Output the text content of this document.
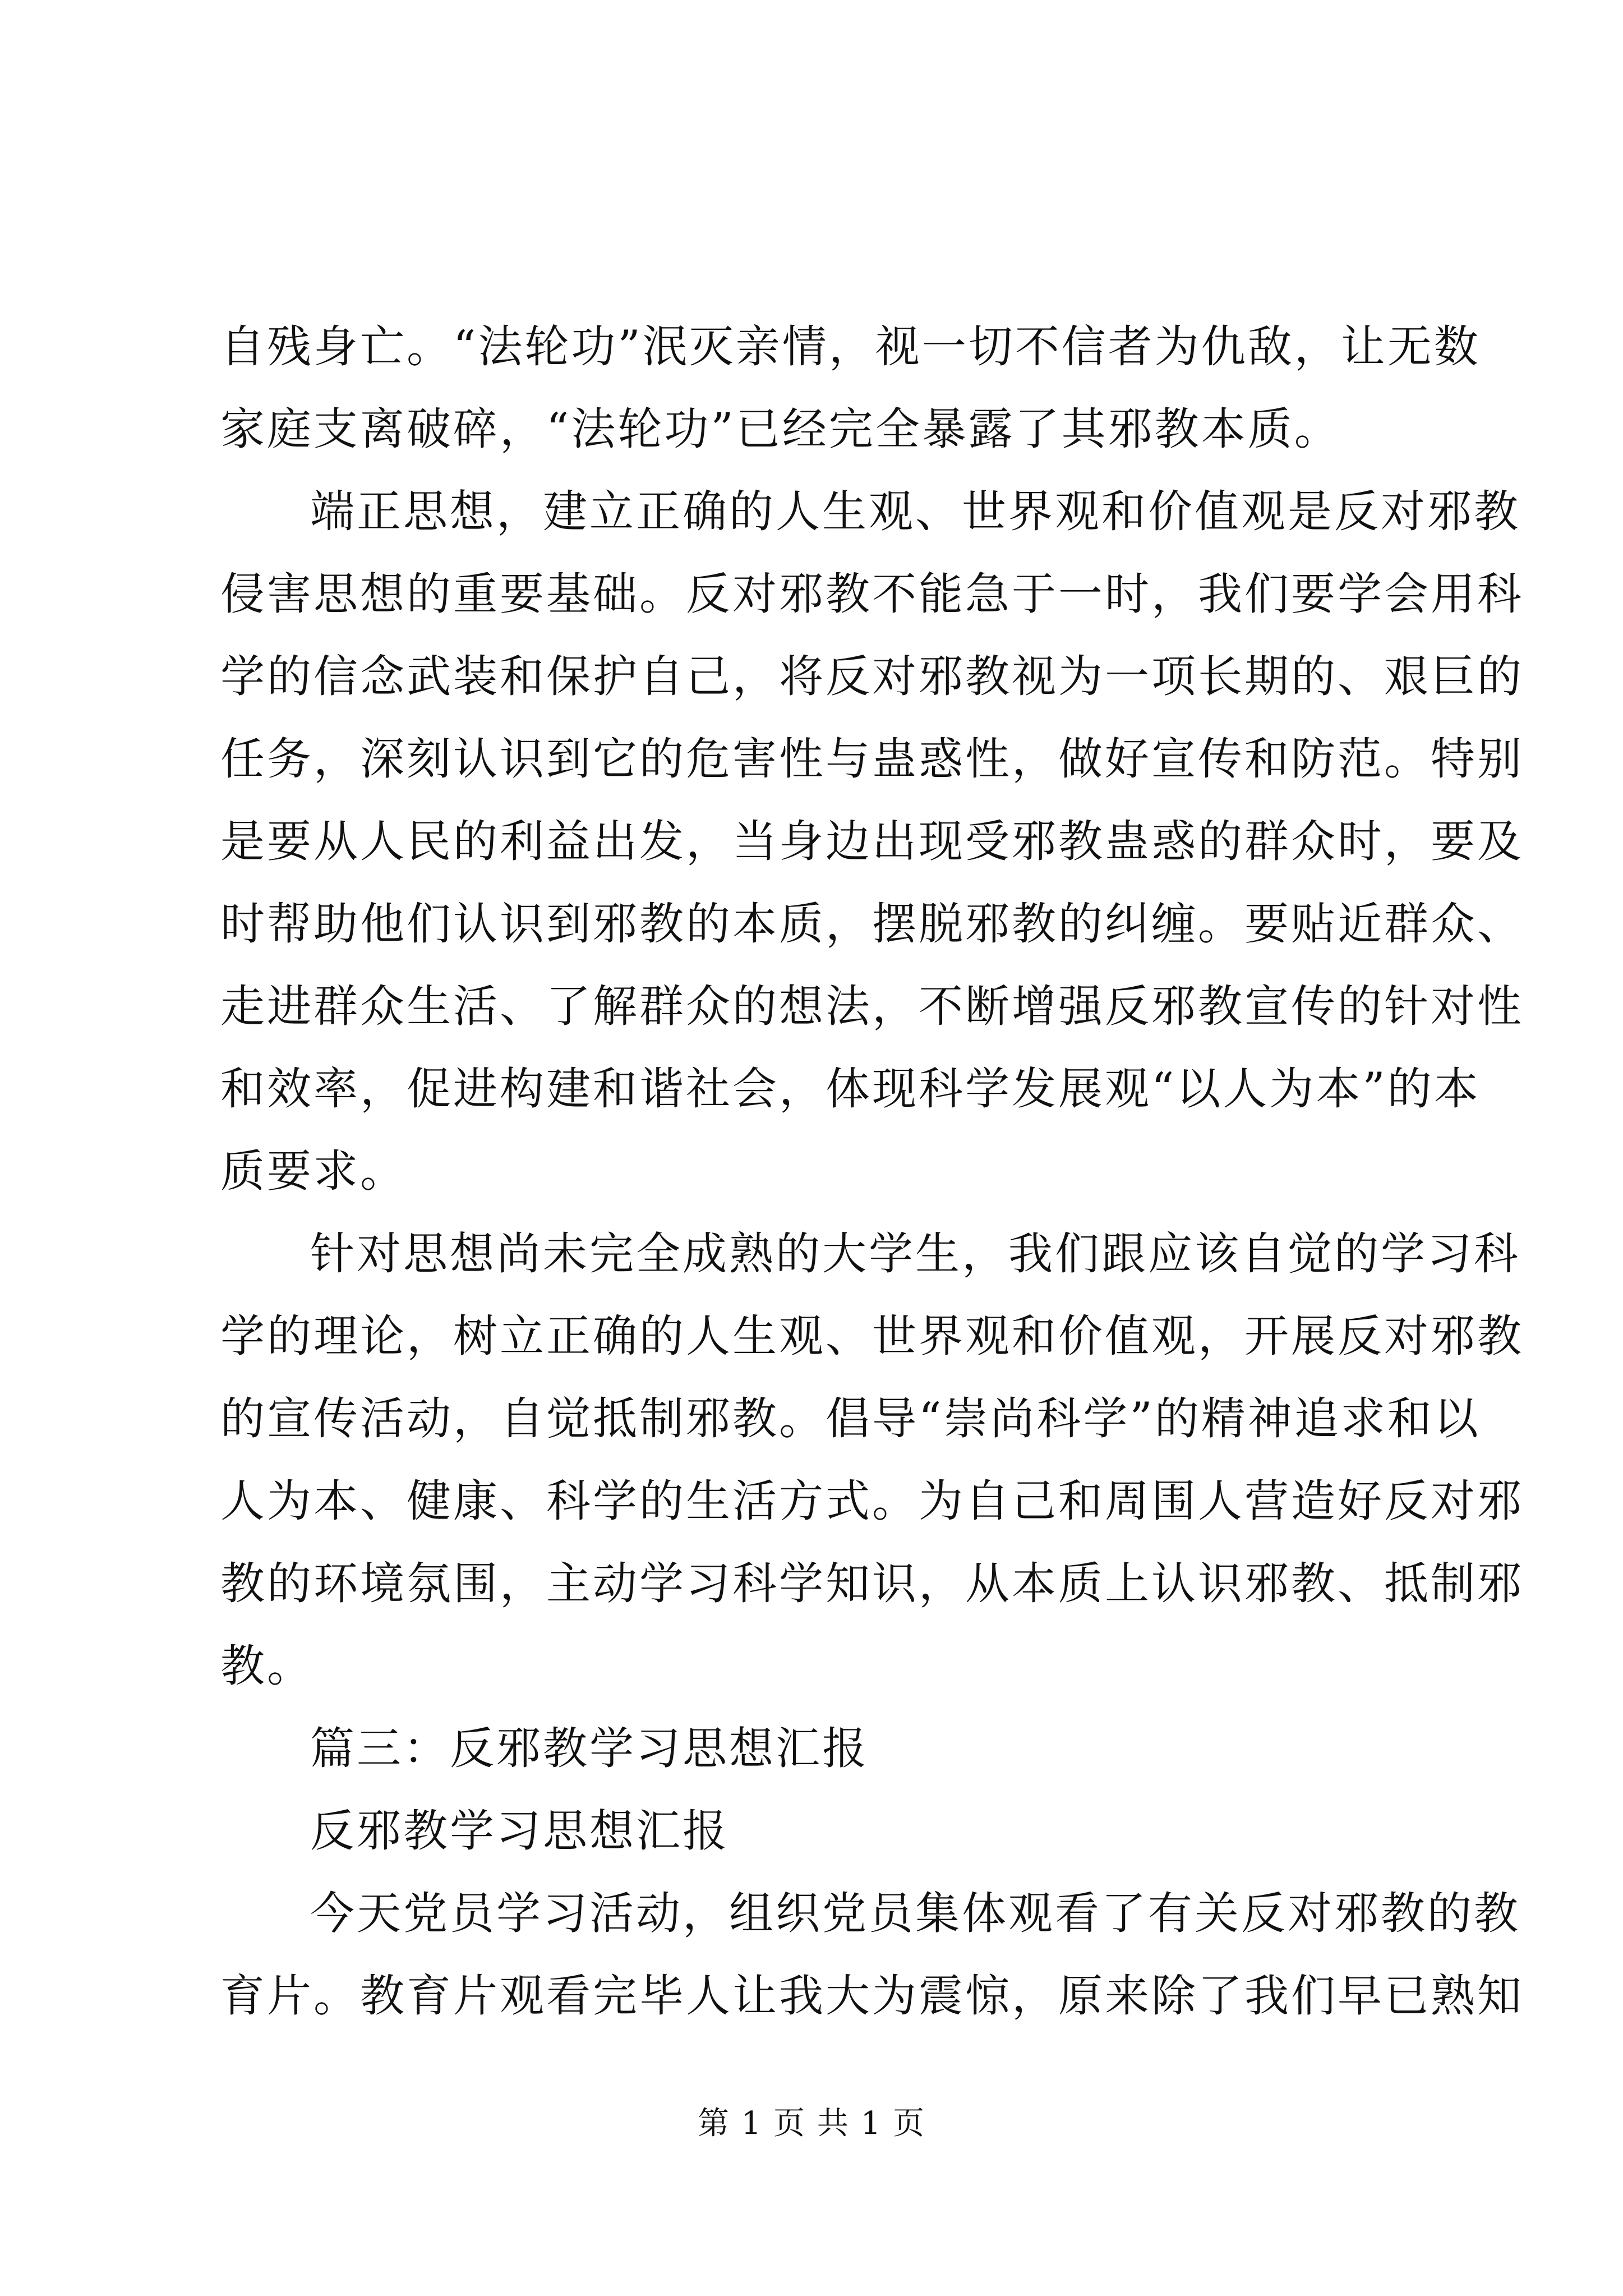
自残身亡。“法轮功”泯灭亲情，视一切不信者为仇敌，让无数
家庭支离破碎，“法轮功”已经完全暴露了其邪教本质。
端正思想，建立正确的人生观、世界观和价值观是反对邪教
侵害思想的重要基础。反对邪教不能急于一时，我们要学会用科
学的信念武装和保护自己，将反对邪教视为一项长期的、艰巨的
任务，深刻认识到它的危害性与蛊惑性，做好宣传和防范。特别
是要从人民的利益出发，当身边出现受邪教蛊惑的群众时，要及
时帮助他们认识到邪教的本质，摆脱邪教的纠缠。要贴近群众、
走进群众生活、了解群众的想法，不断增强反邪教宣传的针对性
和效率，促进构建和谐社会，体现科学发展观“以人为本”的本
质要求。
针对思想尚未完全成熟的大学生，我们跟应该自觉的学习科
学的理论，树立正确的人生观、世界观和价值观，开展反对邪教
的宣传活动，自觉抵制邪教。倡导“崇尚科学”的精神追求和以
人为本、健康、科学的生活方式。为自己和周围人营造好反对邪
教的环境氛围，主动学习科学知识，从本质上认识邪教、抵制邪
教。
篇三：反邪教学习思想汇报
反邪教学习思想汇报
今天党员学习活动，组织党员集体观看了有关反对邪教的教
育片。教育片观看完毕人让我大为震惊，原来除了我们早已熟知
第 1 页 共 1 页
